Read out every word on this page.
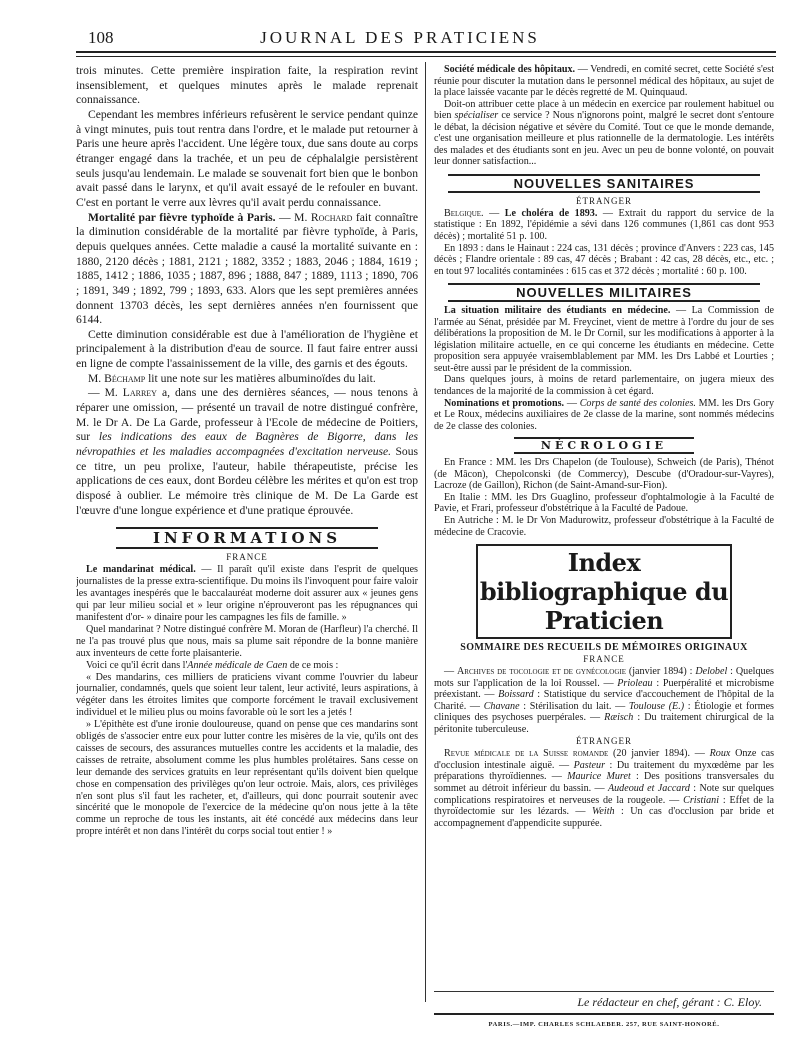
108	JOURNAL DES PRATICIENS

trois minutes. Cette première inspiration faite, la respiration revint insensiblement, et quelques minutes après le malade reprenait connaissance.

Cependant les membres inférieurs refusèrent le service pendant quinze à vingt minutes, puis tout rentra dans l'ordre, et le malade put retourner à Paris une heure après l'accident. Une légère toux, due sans doute au corps étranger engagé dans la trachée, et un peu de céphalalgie persistèrent seuls jusqu'au lendemain. Le malade se souvenait fort bien que le bonbon avait passé dans le larynx, et qu'il avait essayé de le refouler en buvant. C'est en portant le verre aux lèvres qu'il avait perdu connaissance.

Mortalité par fièvre typhoïde à Paris. — M. Rochard fait connaître la diminution considérable de la mortalité par fièvre typhoïde, à Paris, depuis quelques années. Cette maladie a causé la mortalité suivante en : 1880, 2120 décès ; 1881, 2121 ; 1882, 3352 ; 1883, 2046 ; 1884, 1619 ; 1885, 1412 ; 1886, 1035 ; 1887, 896 ; 1888, 847 ; 1889, 1113 ; 1890, 706 ; 1891, 349 ; 1892, 799 ; 1893, 633. Alors que les sept premières années donnent 13703 décès, les sept dernières années n'en fournissent que 6144.

Cette diminution considérable est due à l'amélioration de l'hygiène et principalement à la distribution d'eau de source. Il faut faire entrer aussi en ligne de compte l'assainissement de la ville, des garnis et des égouts.

M. Béchamp lit une note sur les matières albuminoïdes du lait.

— M. Larrey a, dans une des dernières séances, — nous tenons à réparer une omission, — présenté un travail de notre distingué confrère, M. le Dr A. De La Garde, professeur à l'Ecole de médecine de Poitiers, sur les indications des eaux de Bagnères de Bigorre, dans les névropathies et les maladies accompagnées d'excitation nerveuse. Sous ce titre, un peu prolixe, l'auteur, habile thérapeutiste, précise les applications de ces eaux, dont Bordeu célèbre les mérites et qu'on est trop disposé à oublier. Le mémoire très clinique de M. De La Garde est l'œuvre d'une longue expérience et d'une pratique éprouvée.

INFORMATIONS
FRANCE

Le mandarinat médical. — Il paraît qu'il existe dans l'esprit de quelques journalistes de la presse extra-scientifique. Du moins ils l'invoquent pour faire valoir les avantages inespérés que le baccalauréat moderne doit assurer aux « jeunes gens qui par leur milieu social et » leur origine n'éprouveront pas les répugnances qui manifestent d'or- » dinaire pour les campagnes les fils de famille. »

Quel mandarinat ? Notre distingué confrère M. Moran de (Harfleur) l'a cherché. Il ne l'a pas trouvé plus que nous, mais sa plume sait répondre de la bonne manière aux inventeurs de cette forte plaisanterie.

Voici ce qu'il écrit dans l'Année médicale de Caen de ce mois :

« Des mandarins, ces milliers de praticiens vivant comme l'ouvrier du labeur journalier, condamnés, quels que soient leur talent, leur activité, leurs aspirations, à végéter dans les étroites limites que comporte forcément le travail exclusivement individuel et le milieu plus ou moins favorable où le sort les a jetés !

» L'épithète est d'une ironie douloureuse, quand on pense que ces mandarins sont obligés de s'associer entre eux pour lutter contre les misères de la vie, qu'ils ont des caisses de secours, des assurances mutuelles contre les accidents et la maladie, des caisses de retraite, absolument comme les plus humbles prolétaires. Sans cesse on leur demande des services gratuits en leur représentant qu'ils doivent bien quelque chose en compensation des privilèges qu'on leur octroie. Mais, alors, ces privilèges n'en sont plus s'il faut les racheter, et, d'ailleurs, qui donc pourrait soutenir avec sincérité que le monopole de l'exercice de la médecine qu'on nous jette à la tête comme un reproche de tous les instants, ait été concédé aux médecins dans leur propre intérêt et non dans l'intérêt du corps social tout entier ! »

Société médicale des hôpitaux. — Vendredi, en comité secret, cette Société s'est réunie pour discuter la mutation dans le personnel médical des hôpitaux, au sujet de la place laissée vacante par le décès regretté de M. Quinquaud.

Doit-on attribuer cette place à un médecin en exercice par roulement habituel ou bien spécialiser ce service ? Nous n'ignorons point, malgré le secret dont s'entoure le débat, la décision négative et sévère du Comité. Tout ce que le monde demande, c'est une organisation meilleure et plus rationnelle de la dermatologie. Les intérêts des malades et des étudiants sont en jeu. Avec un peu de bonne volonté, on pouvait leur donner satisfaction...

NOUVELLES SANITAIRES
ÉTRANGER

Belgique. — Le choléra de 1893. — Extrait du rapport du service de la statistique : En 1892, l'épidémie a sévi dans 126 communes (1,861 cas dont 953 décès) ; mortalité 51 p. 100.

En 1893 : dans le Hainaut : 224 cas, 131 décès ; province d'Anvers : 223 cas, 145 décès ; Flandre orientale : 89 cas, 47 décès ; Brabant : 42 cas, 28 décès, etc., etc. ; en tout 97 localités contaminées : 615 cas et 372 décès ; mortalité : 60 p. 100.

NOUVELLES MILITAIRES

La situation militaire des étudiants en médecine. — La Commission de l'armée au Sénat, présidée par M. Freycinet, vient de mettre à l'ordre du jour de ses délibérations la proposition de M. le Dr Cornil, sur les modifications à apporter à la législation militaire actuelle, en ce qui concerne les étudiants en médecine. Cette proposition sera appuyée vraisemblablement par MM. les Drs Labbé et Lourties ; seut-être aussi par le président de la commission.

Dans quelques jours, à moins de retard parlementaire, on jugera mieux des tendances de la majorité de la commission à cet égard.

Nominations et promotions. — Corps de santé des colonies. MM. les Drs Gory et Le Roux, médecins auxiliaires de 2e classe de la marine, sont nommés médecins de 2e classe des colonies.

NÉCROLOGIE

En France : MM. les Drs Chapelon (de Toulouse), Schweich (de Paris), Thénot (de Mâcon), Chepolconski (de Commercy), Descube (d'Oradour-sur-Vayres), Lacroze (de Gaillon), Richon (de Saint-Amand-sur-Fion).

En Italie : MM. les Drs Guaglino, professeur d'ophtalmologie à la Faculté de Pavie, et Frari, professeur d'obstétrique à la Faculté de Padoue.

En Autriche : M. le Dr Von Madurowitz, professeur d'obstétrique à la Faculté de médecine de Cracovie.

Index bibliographique du Praticien
SOMMAIRE DES RECUEILS DE MÉMOIRES ORIGINAUX
FRANCE

— Archives de tocologie et de gynécologie (janvier 1894) : Delobel : Quelques mots sur l'application de la loi Roussel. — Prioleau : Puerpéralité et microbisme préexistant. — Boissard : Statistique du service d'accouchement de l'hôpital de la Charité. — Chavane : Stérilisation du lait. — Toulouse (E.) : Étiologie et formes cliniques des psychoses puerpérales. — Ræisch : Du traitement chirurgical de la péritonite tuberculeuse.

ÉTRANGER

Revue médicale de la Suisse romande (20 janvier 1894). — Roux Onze cas d'occlusion intestinale aiguë. — Pasteur : Du traitement du myxœdème par les préparations thyroïdiennes. — Maurice Muret : Des positions transversales du sommet au détroit inférieur du bassin. — Audeoud et Jaccard : Note sur quelques complications respiratoires et nerveuses de la rougeole. — Cristiani : Effet de la thyroïdectomie sur les lézards. — Weith : Un cas d'occlusion par bride et accompagnement d'appendicite suppurée.

Le rédacteur en chef, gérant : C. Eloy.
PARIS.—IMP. CHARLES SCHLAEBER. 257, RUE SAINT-HONORÉ.
